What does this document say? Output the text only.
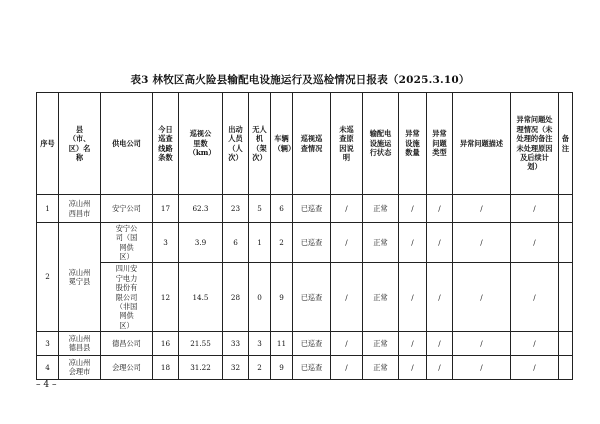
表3 林牧区高火险县输配电设施运行及巡检情况日报表（2025.3.10）
序号	县（市、区）名称	供电公司	今日巡查线路条数	巡视公里数（km）	出动人员（人次）	无人机（架次）	车辆（辆）	巡视巡查情况	未巡查原因说明	输配电设施运行状态	异常设施数量	异常问题类型	异常问题描述	异常问题处理情况（未处理的备注未处理原因及后续计划）	备注

1	凉山州西昌市	安宁公司	17	62.3	23	5	6	已巡查	/	正常	/	/	/	/	
2	凉山州冕宁县	安宁公司（国网供区）	3	3.9	6	1	2	已巡查	/	正常	/	/	/	/	

		四川安宁电力股份有限公司（非国网供区）	12	14.5	28	0	9	已巡查	/	正常	/	/	/	/	
3	凉山州德昌县	德昌公司	16	21.55	33	3	11	已巡查	/	正常	/	/	/	/	
4	凉山州会理市	会理公司	18	31.22	32	2	9	已巡查	/	正常	/	/	/	/	
– 4 –
